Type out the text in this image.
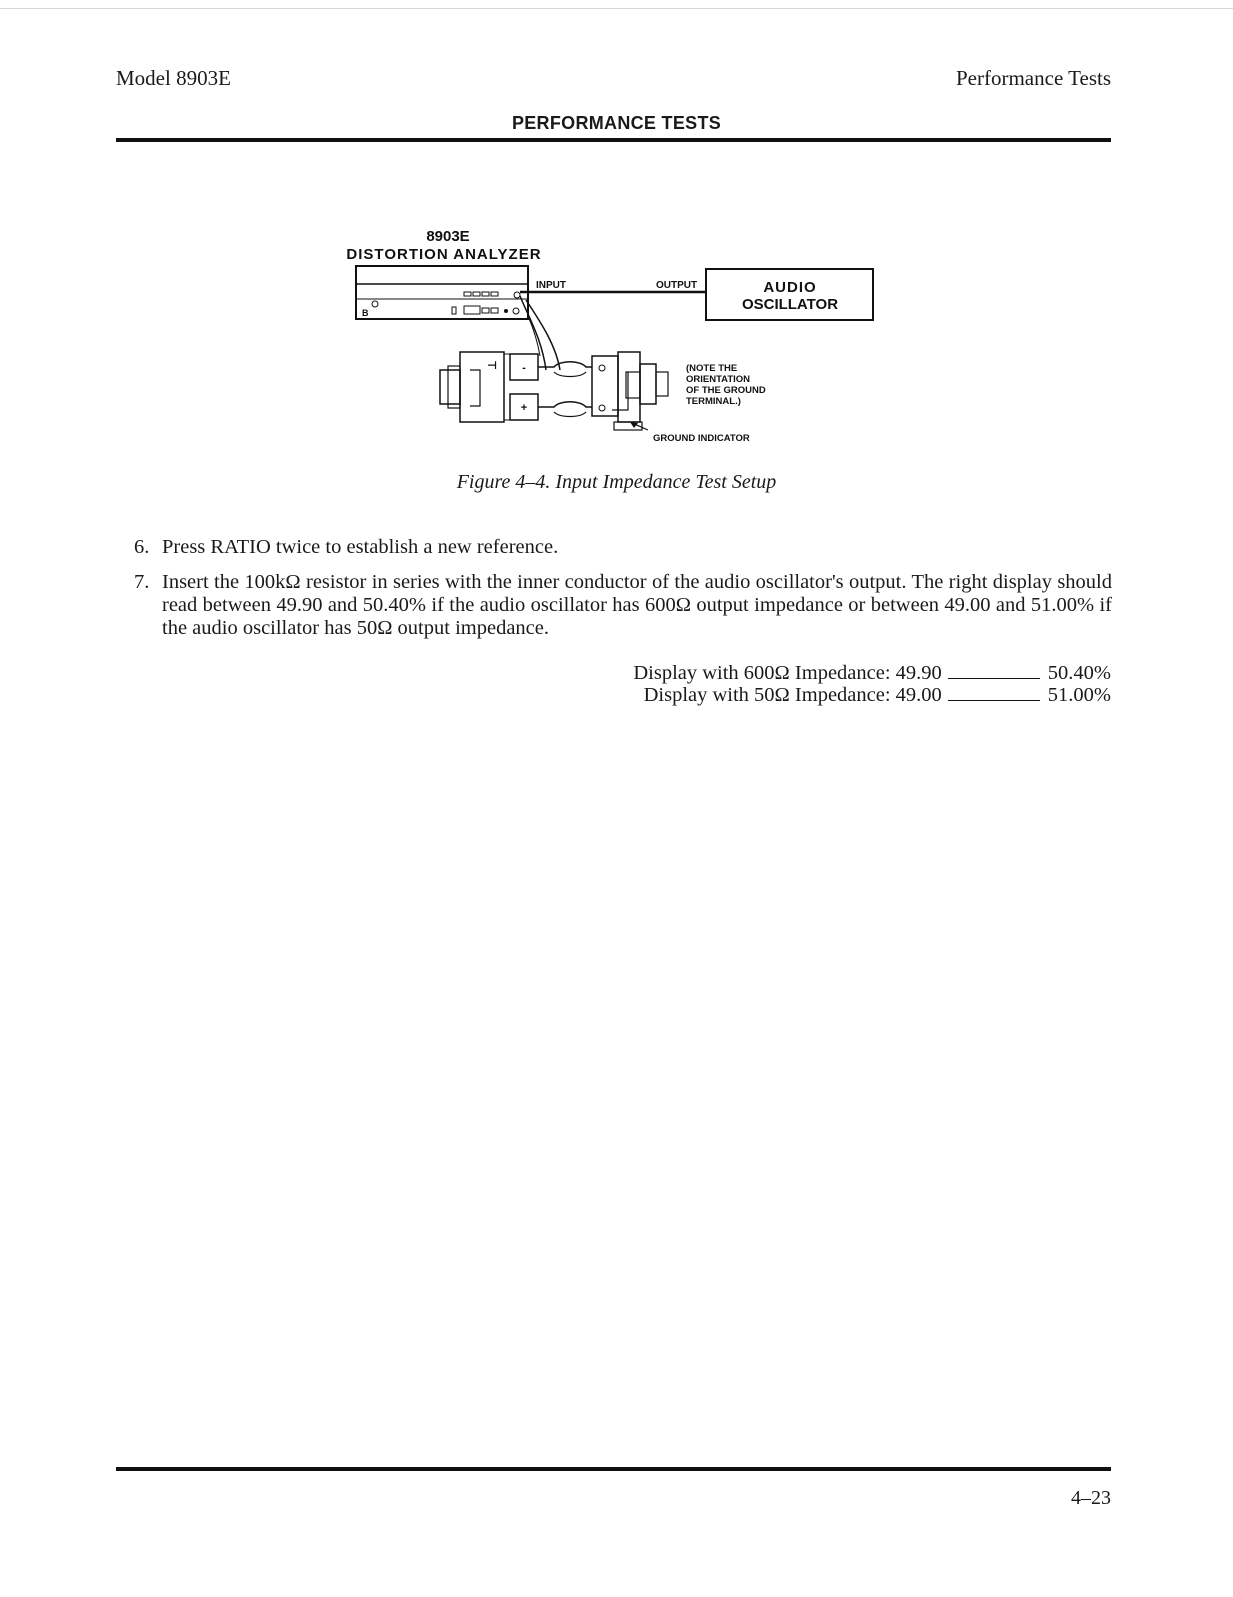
Model 8903E	Performance Tests
PERFORMANCE TESTS
8903E
DISTORTION ANALYZER
B
INPUT	OUTPUT	AUDIO
OSCILLATOR
-
+
⊣	(NOTE THE
ORIENTATION
OF THE GROUND
TERMINAL.)
GROUND INDICATOR
Figure 4–4. Input Impedance Test Setup
6. Press RATIO twice to establish a new reference.
7. Insert the 100kΩ resistor in series with the inner conductor of the audio oscillator's output. The right display should read between 49.90 and 50.40% if the audio oscillator has 600Ω output impedance or between 49.00 and 51.00% if the audio oscillator has 50Ω output impedance.
Display with 600Ω Impedance: 49.90	50.40%
Display with 50Ω Impedance: 49.00	51.00%
4–23
